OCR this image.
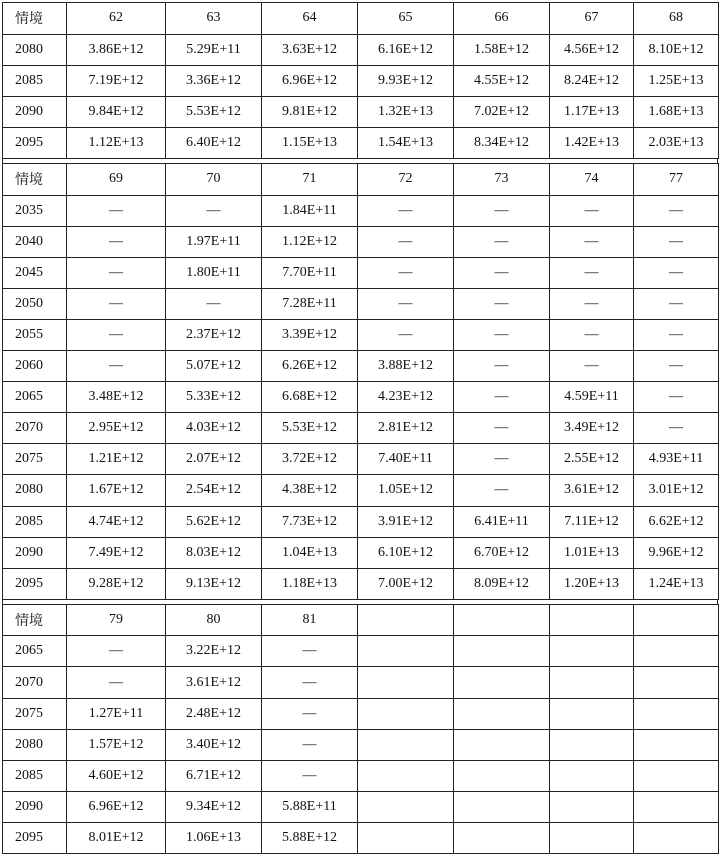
情境	62	63	64	65	66	67	68
2080	3.86E+12	5.29E+11	3.63E+12	6.16E+12	1.58E+12	4.56E+12	8.10E+12
2085	7.19E+12	3.36E+12	6.96E+12	9.93E+12	4.55E+12	8.24E+12	1.25E+13
2090	9.84E+12	5.53E+12	9.81E+12	1.32E+13	7.02E+12	1.17E+13	1.68E+13
2095	1.12E+13	6.40E+12	1.15E+13	1.54E+13	8.34E+12	1.42E+13	2.03E+13
情境	69	70	71	72	73	74	77
2035	—	—	1.84E+11	—	—	—	—
2040	—	1.97E+11	1.12E+12	—	—	—	—
2045	—	1.80E+11	7.70E+11	—	—	—	—
2050	—	—	7.28E+11	—	—	—	—
2055	—	2.37E+12	3.39E+12	—	—	—	—
2060	—	5.07E+12	6.26E+12	3.88E+12	—	—	—
2065	3.48E+12	5.33E+12	6.68E+12	4.23E+12	—	4.59E+11	—
2070	2.95E+12	4.03E+12	5.53E+12	2.81E+12	—	3.49E+12	—
2075	1.21E+12	2.07E+12	3.72E+12	7.40E+11	—	2.55E+12	4.93E+11
2080	1.67E+12	2.54E+12	4.38E+12	1.05E+12	—	3.61E+12	3.01E+12
2085	4.74E+12	5.62E+12	7.73E+12	3.91E+12	6.41E+11	7.11E+12	6.62E+12
2090	7.49E+12	8.03E+12	1.04E+13	6.10E+12	6.70E+12	1.01E+13	9.96E+12
2095	9.28E+12	9.13E+12	1.18E+13	7.00E+12	8.09E+12	1.20E+13	1.24E+13
情境	79	80	81				
2065	—	3.22E+12	—				
2070	—	3.61E+12	—				
2075	1.27E+11	2.48E+12	—				
2080	1.57E+12	3.40E+12	—				
2085	4.60E+12	6.71E+12	—				
2090	6.96E+12	9.34E+12	5.88E+11				
2095	8.01E+12	1.06E+13	5.88E+12				
